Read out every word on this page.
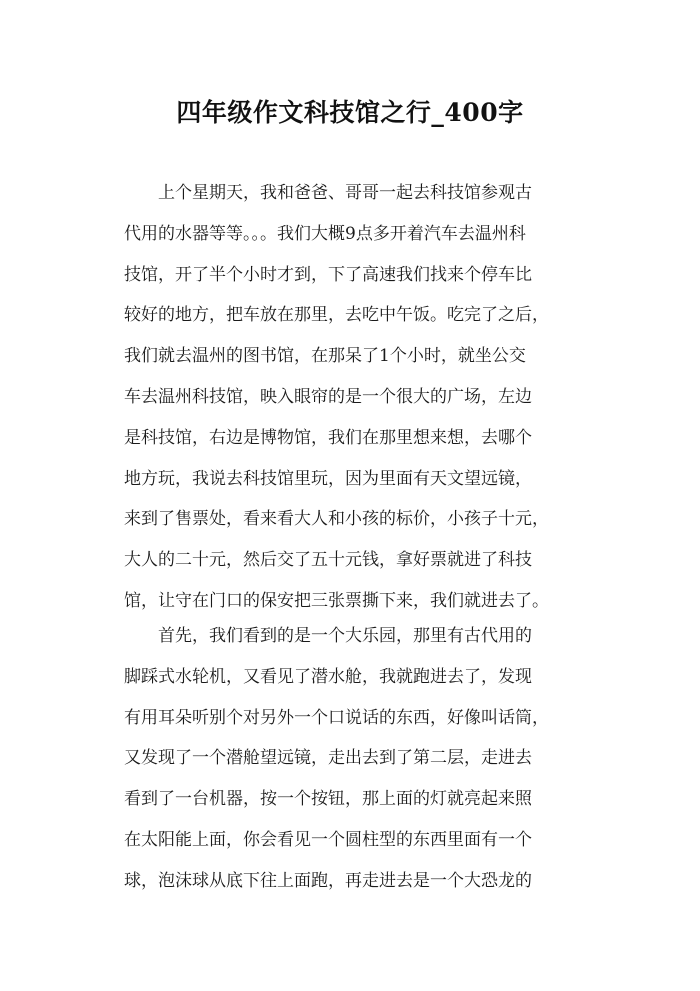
四年级作文科技馆之行_400字
上个星期天，我和爸爸、哥哥一起去科技馆参观古
代用的水器等等。。。我们大概9点多开着汽车去温州科
技馆，开了半个小时才到，下了高速我们找来个停车比
较好的地方，把车放在那里，去吃中午饭。吃完了之后，
我们就去温州的图书馆，在那呆了1个小时，就坐公交
车去温州科技馆，映入眼帘的是一个很大的广场，左边
是科技馆，右边是博物馆，我们在那里想来想，去哪个
地方玩，我说去科技馆里玩，因为里面有天文望远镜，
来到了售票处，看来看大人和小孩的标价，小孩子十元，
大人的二十元，然后交了五十元钱，拿好票就进了科技
馆，让守在门口的保安把三张票撕下来，我们就进去了。
首先，我们看到的是一个大乐园，那里有古代用的
脚踩式水轮机，又看见了潜水舱，我就跑进去了，发现
有用耳朵听别个对另外一个口说话的东西，好像叫话筒，
又发现了一个潜舱望远镜，走出去到了第二层，走进去
看到了一台机器，按一个按钮，那上面的灯就亮起来照
在太阳能上面，你会看见一个圆柱型的东西里面有一个
球，泡沫球从底下往上面跑，再走进去是一个大恐龙的
